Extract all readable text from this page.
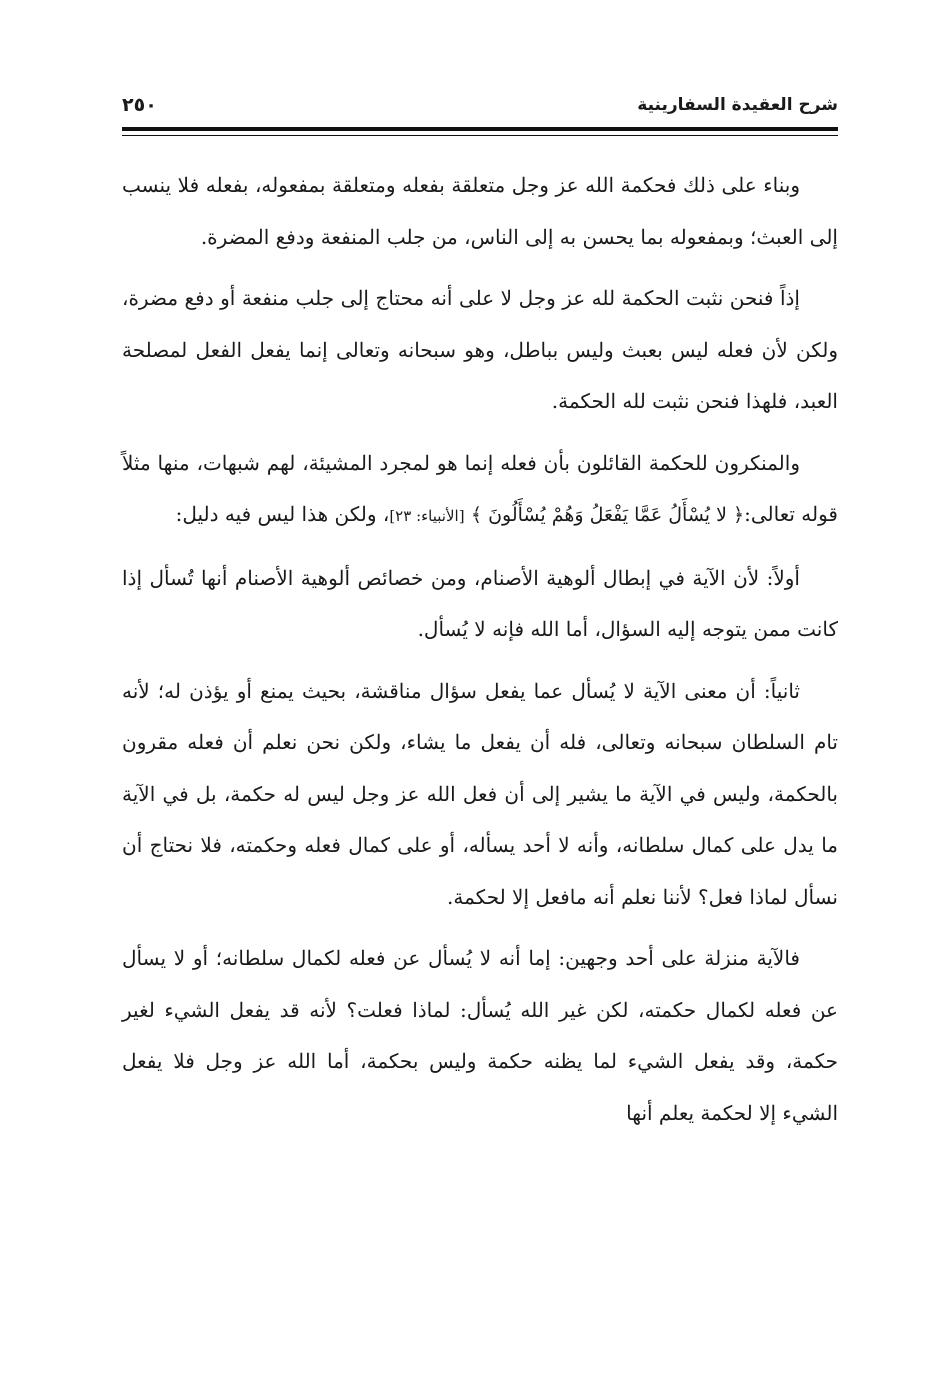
شرح العقيدة السفارينية
٢٥٠

وبناء على ذلك فحكمة الله عز وجل متعلقة بفعله ومتعلقة بمفعوله، بفعله فلا ينسب إلى العبث؛ وبمفعوله بما يحسن به إلى الناس، من جلب المنفعة ودفع المضرة.

إذاً فنحن نثبت الحكمة لله عز وجل لا على أنه محتاج إلى جلب منفعة أو دفع مضرة، ولكن لأن فعله ليس بعبث وليس بباطل، وهو سبحانه وتعالى إنما يفعل الفعل لمصلحة العبد، فلهذا فنحن نثبت لله الحكمة.

والمنكرون للحكمة القائلون بأن فعله إنما هو لمجرد المشيئة، لهم شبهات، منها مثلاً قوله تعالى:﴿ لا يُسْأَلُ عَمَّا يَفْعَلُ وَهُمْ يُسْأَلُونَ ﴾ [الأنبياء: ٢٣]، ولكن هذا ليس فيه دليل:

أولاً: لأن الآية في إبطال ألوهية الأصنام، ومن خصائص ألوهية الأصنام أنها تُسأل إذا كانت ممن يتوجه إليه السؤال، أما الله فإنه لا يُسأل.

ثانياً: أن معنى الآية لا يُسأل عما يفعل سؤال مناقشة، بحيث يمنع أو يؤذن له؛ لأنه تام السلطان سبحانه وتعالى، فله أن يفعل ما يشاء، ولكن نحن نعلم أن فعله مقرون بالحكمة، وليس في الآية ما يشير إلى أن فعل الله عز وجل ليس له حكمة، بل في الآية ما يدل على كمال سلطانه، وأنه لا أحد يسأله، أو على كمال فعله وحكمته، فلا نحتاج أن نسأل لماذا فعل؟ لأننا نعلم أنه مافعل إلا لحكمة.

فالآية منزلة على أحد وجهين: إما أنه لا يُسأل عن فعله لكمال سلطانه؛ أو لا يسأل عن فعله لكمال حكمته، لكن غير الله يُسأل: لماذا فعلت؟ لأنه قد يفعل الشيء لغير حكمة، وقد يفعل الشيء لما يظنه حكمة وليس بحكمة، أما الله عز وجل فلا يفعل الشيء إلا لحكمة يعلم أنها
